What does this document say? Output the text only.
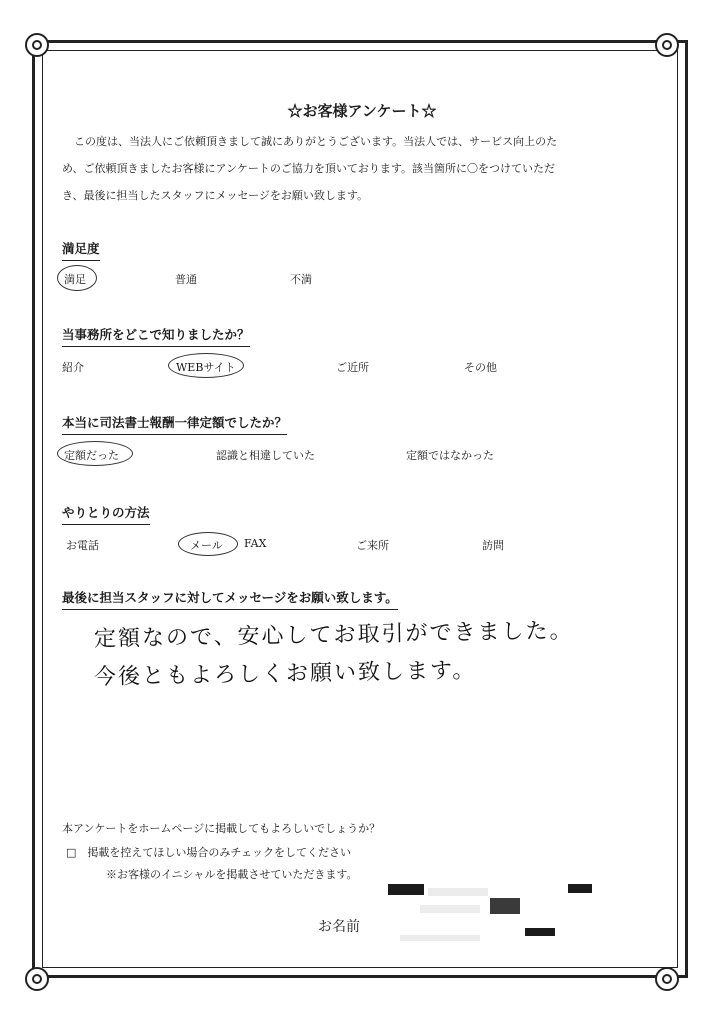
☆お客様アンケート☆
この度は、当法人にご依頼頂きまして誠にありがとうございます。当法人では、サービス向上のた
め、ご依頼頂きましたお客様にアンケートのご協力を頂いております。該当箇所に〇をつけていただ
き、最後に担当したスタッフにメッセージをお願い致します。
満足度
満足	普通	不満
当事務所をどこで知りましたか？
紹介	WEBサイト	ご近所	その他
本当に司法書士報酬一律定額でしたか？
定額だった	認識と相違していた	定額ではなかった
やりとりの方法
お電話	メール FAX	ご来所	訪問
最後に担当スタッフに対してメッセージをお願い致します。
定額なので、安心してお取引ができました。
今後ともよろしくお願い致します。
本アンケートをホームページに掲載してもよろしいでしょうか？
□　掲載を控えてほしい場合のみチェックをしてください
※お客様のイニシャルを掲載させていただきます。
お名前
